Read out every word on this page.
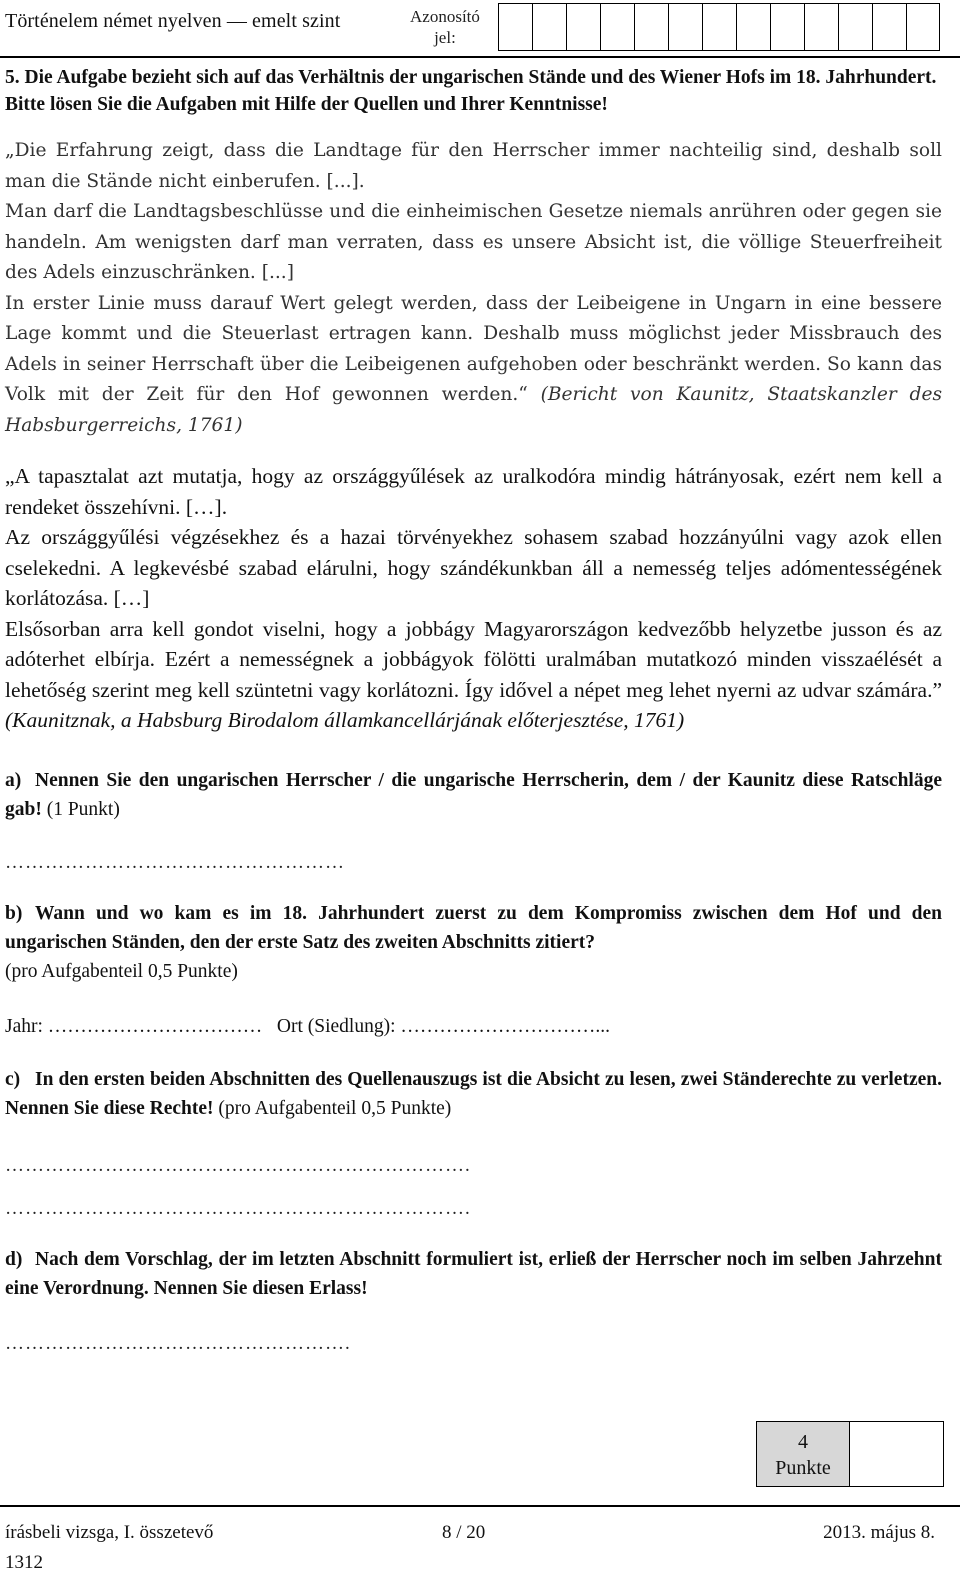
Történelem német nyelven — emelt szint	Azonosító
jel:

5. Die Aufgabe bezieht sich auf das Verhältnis der ungarischen Stände und des Wiener Hofs im 18. Jahrhundert.

Bitte lösen Sie die Aufgaben mit Hilfe der Quellen und Ihrer Kenntnisse!

„Die Erfahrung zeigt, dass die Landtage für den Herrscher immer nachteilig sind, deshalb soll man die Stände nicht einberufen. [...].
Man darf die Landtagsbeschlüsse und die einheimischen Gesetze niemals anrühren oder gegen sie handeln. Am wenigsten darf man verraten, dass es unsere Absicht ist, die völlige Steuerfreiheit des Adels einzuschränken. [...]
In erster Linie muss darauf Wert gelegt werden, dass der Leibeigene in Ungarn in eine bessere Lage kommt und die Steuerlast ertragen kann. Deshalb muss möglichst jeder Missbrauch des Adels in seiner Herrschaft über die Leibeigenen aufgehoben oder beschränkt werden. So kann das Volk mit der Zeit für den Hof gewonnen werden.“ (Bericht von Kaunitz, Staatskanzler des Habsburgerreichs, 1761)
„A tapasztalat azt mutatja, hogy az országgyűlések az uralkodóra mindig hátrányosak, ezért nem kell a rendeket összehívni. […].
Az országgyűlési végzésekhez és a hazai törvényekhez sohasem szabad hozzányúlni vagy azok ellen cselekedni. A legkevésbé szabad elárulni, hogy szándékunkban áll a nemesség teljes adómentességének korlátozása. […]
Elsősorban arra kell gondot viselni, hogy a jobbágy Magyarországon kedvezőbb helyzetbe jusson és az adóterhet elbírja. Ezért a nemességnek a jobbágyok fölötti uralmában mutatkozó minden visszaélését a lehetőség szerint meg kell szüntetni vagy korlátozni. Így idővel a népet meg lehet nyerni az udvar számára.” (Kaunitznak, a Habsburg Birodalom államkancellárjának előterjesztése, 1761)
a) Nennen Sie den ungarischen Herrscher / die ungarische Herrscherin, dem / der Kaunitz diese Ratschläge gab! (1 Punkt)
……………………………………………
b) Wann und wo kam es im 18. Jahrhundert zuerst zu dem Kompromiss zwischen dem Hof und den ungarischen Ständen, den der erste Satz des zweiten Abschnitts zitiert?
(pro Aufgabenteil 0,5 Punkte)
Jahr: …………………………… Ort (Siedlung): …………………………...
c) In den ersten beiden Abschnitten des Quellenauszugs ist die Absicht zu lesen, zwei Ständerechte zu verletzen. Nennen Sie diese Rechte! (pro Aufgabenteil 0,5 Punkte)
…………………………………………………………….
…………………………………………………………….
d) Nach dem Vorschlag, der im letzten Abschnitt formuliert ist, erließ der Herrscher noch im selben Jahrzehnt eine Verordnung. Nennen Sie diesen Erlass!
…………………………………………….
4
Punkte
írásbeli vizsga, I. összetevő	8 / 20	2013. május 8.
1312
